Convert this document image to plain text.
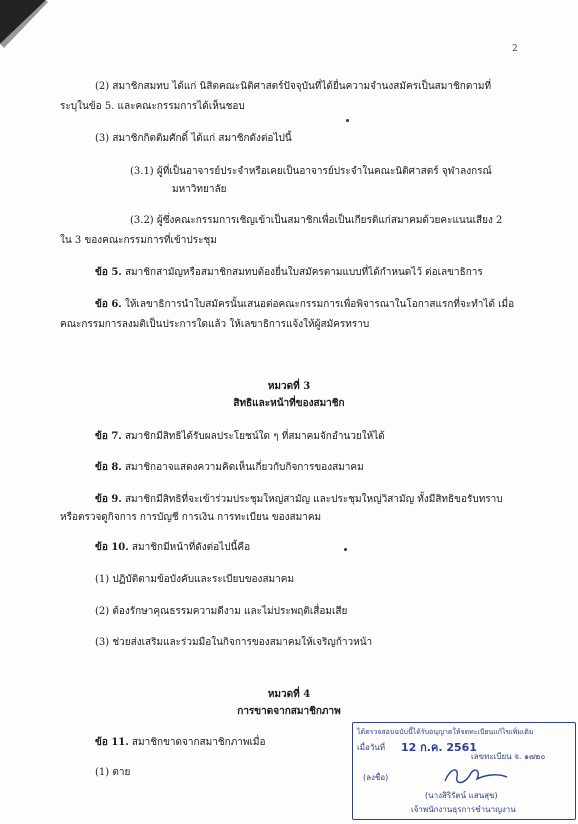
2
(2) สมาชิกสมทบ ได้แก่ นิสิตคณะนิติศาสตร์ปัจจุบันที่ได้ยื่นความจำนงสมัครเป็นสมาชิกตามที่
ระบุในข้อ 5. และคณะกรรมการได้เห็นชอบ
(3) สมาชิกกิตติมศักดิ์ ได้แก่ สมาชิกดังต่อไปนี้
(3.1) ผู้ที่เป็นอาจารย์ประจำหรือเคยเป็นอาจารย์ประจำในคณะนิติศาสตร์ จุฬาลงกรณ์
มหาวิทยาลัย
(3.2) ผู้ซึ่งคณะกรรมการเชิญเข้าเป็นสมาชิกเพื่อเป็นเกียรติแก่สมาคมด้วยคะแนนเสียง 2
ใน 3 ของคณะกรรมการที่เข้าประชุม
ข้อ 5. สมาชิกสามัญหรือสมาชิกสมทบต้องยื่นใบสมัครตามแบบที่ได้กำหนดไว้ ต่อเลขาธิการ
ข้อ 6. ให้เลขาธิการนำใบสมัครนั้นเสนอต่อคณะกรรมการเพื่อพิจารณาในโอกาสแรกที่จะทำได้ เมื่อ
คณะกรรมการลงมติเป็นประการใดแล้ว ให้เลขาธิการแจ้งให้ผู้สมัครทราบ
หมวดที่ 3
สิทธิและหน้าที่ของสมาชิก
ข้อ 7. สมาชิกมีสิทธิได้รับผลประโยชน์ใด ๆ ที่สมาคมจักอำนวยให้ได้
ข้อ 8. สมาชิกอาจแสดงความคิดเห็นเกี่ยวกับกิจการของสมาคม
ข้อ 9. สมาชิกมีสิทธิที่จะเข้าร่วมประชุมใหญ่สามัญ และประชุมใหญ่วิสามัญ ทั้งมีสิทธิขอรับทราบ
หรือตรวจดูกิจการ การบัญชี การเงิน การทะเบียน ของสมาคม
ข้อ 10. สมาชิกมีหน้าที่ดังต่อไปนี้คือ
(1) ปฏิบัติตามข้อบังคับและระเบียบของสมาคม
(2) ต้องรักษาคุณธรรมความดีงาม และไม่ประพฤติเสื่อมเสีย
(3) ช่วยส่งเสริมและร่วมมือในกิจการของสมาคมให้เจริญก้าวหน้า
หมวดที่ 4
การขาดจากสมาชิกภาพ
ข้อ 11. สมาชิกขาดจากสมาชิกภาพเมื่อ
(1) ตาย
ได้ตรวจสอบฉบับนี้ได้รับอนุญาตให้จดทะเบียนแก้ไขเพิ่มเติม
เมื่อวันที่ 12 ก.ค. 2561
เลขทะเบียน จ. ๑๗๒๐
(ลงชื่อ)
(นางสิริรัตน์ แสนสุข)
เจ้าพนักงานธุรการชำนาญงาน
